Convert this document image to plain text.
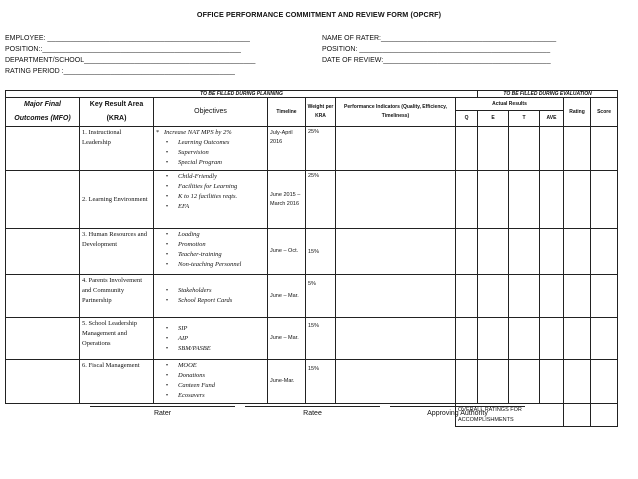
OFFICE PERFORMANCE COMMITMENT AND REVIEW FORM (OPCRF)
EMPLOYEE: ____________________________________________________
POSITION::___________________________________________________
DEPARTMENT/SCHOOL____________________________________________
RATING PERIOD :____________________________________________
NAME OF RATER:_____________________________________________
POSITION: _________________________________________________
DATE OF REVIEW:___________________________________________
TO BE FILLED DURING PLANNING							TO BE FILLED DURING EVALUATION				
Major Final Outcomes (MFO)	Key Result Area (KRA)	Objectives	Timeline	Weight per KRA	Performance Indicators (Quality, Efficiency, Timeliness)	Actual Results				Rating	Score
						Q	E	T	AVE		
	1. Instructional Leadership	* Increase NAT MPS by 2%
• Learning Outcomes
• Supervision
• Special Program	July-April 2016	25%							
	2. Learning Environment	• Child-Friendly
• Facilities for Learning
• K to 12 facilities reqts.
• EFA	June 2015 – March 2016	25%							
	3. Human Resources and Development	• Loading
• Promotion
• Teacher-training
• Non-teaching Personnel	June – Oct.	15%							
	4. Parents Involvement and Community Partnership	• Stakeholders
• School Report Cards	June – Mar.	5%							
	5. School Leadership Management and Operations	• SIP
• AIP
• SBM/PASBE	June – Mar.	15%							
	6. Fiscal Management	• MOOE
• Donations
• Canteen Fund
• Ecosavers	June-Mar.	15%							
						OVERALL RATINGS FOR ACCOMPLISHMENTS					
Rater	Ratee	Approving Authority
